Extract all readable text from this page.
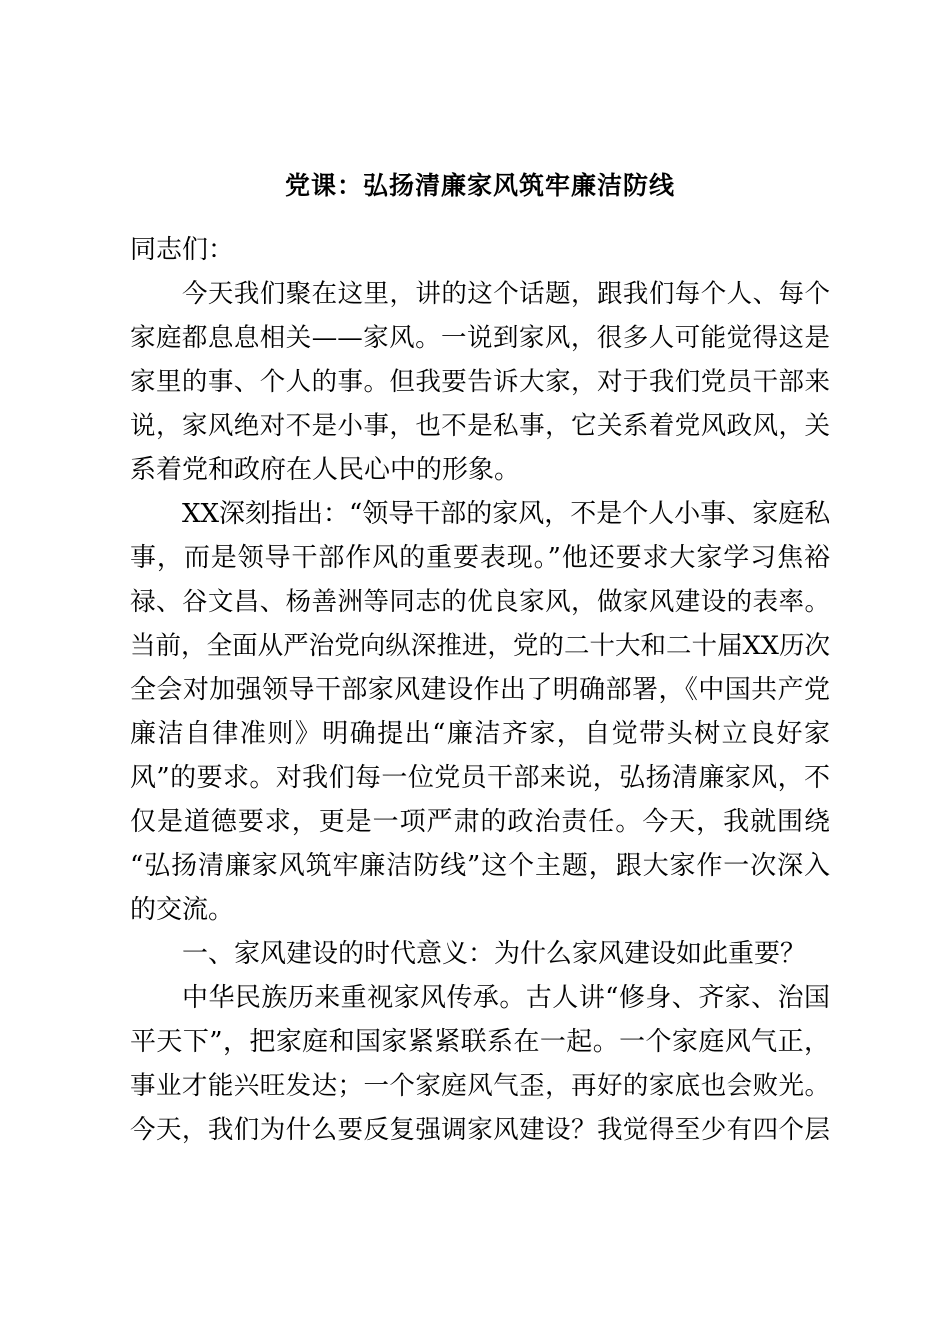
党课：弘扬清廉家风筑牢廉洁防线
同志们：
今天我们聚在这里，讲的这个话题，跟我们每个人、每个
家庭都息息相关——家风。一说到家风，很多人可能觉得这是
家里的事、个人的事。但我要告诉大家，对于我们党员干部来
说，家风绝对不是小事，也不是私事，它关系着党风政风，关
系着党和政府在人民心中的形象。
XX深刻指出：“领导干部的家风，不是个人小事、家庭私
事，而是领导干部作风的重要表现。”他还要求大家学习焦裕
禄、谷文昌、杨善洲等同志的优良家风，做家风建设的表率。
当前，全面从严治党向纵深推进，党的二十大和二十届XX历次
全会对加强领导干部家风建设作出了明确部署，《中国共产党
廉洁自律准则》明确提出“廉洁齐家，自觉带头树立良好家
风”的要求。对我们每一位党员干部来说，弘扬清廉家风，不
仅是道德要求，更是一项严肃的政治责任。今天，我就围绕
“弘扬清廉家风筑牢廉洁防线”这个主题，跟大家作一次深入
的交流。
一、家风建设的时代意义：为什么家风建设如此重要？
中华民族历来重视家风传承。古人讲“修身、齐家、治国
平天下”，把家庭和国家紧紧联系在一起。一个家庭风气正，
事业才能兴旺发达；一个家庭风气歪，再好的家底也会败光。
今天，我们为什么要反复强调家风建设？我觉得至少有四个层
